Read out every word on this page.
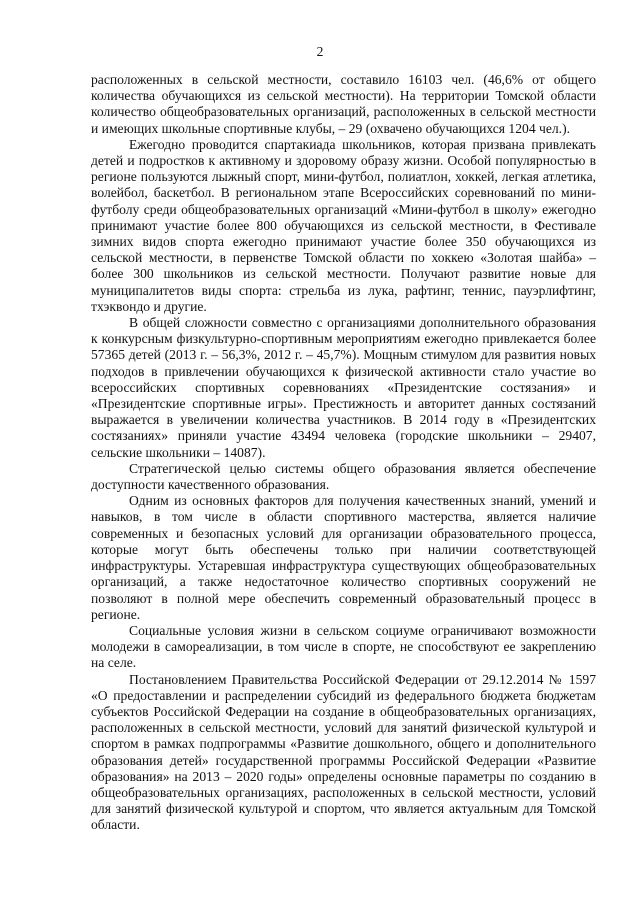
2

расположенных в сельской местности, составило 16103 чел. (46,6% от общего количества обучающихся из сельской местности). На территории Томской области количество общеобразовательных организаций, расположенных в сельской местности и имеющих школьные спортивные клубы, – 29 (охвачено обучающихся 1204 чел.).

Ежегодно проводится спартакиада школьников, которая призвана привлекать детей и подростков к активному и здоровому образу жизни. Особой популярностью в регионе пользуются лыжный спорт, мини-футбол, полиатлон, хоккей, легкая атлетика, волейбол, баскетбол. В региональном этапе Всероссийских соревнований по мини-футболу среди общеобразовательных организаций «Мини-футбол в школу» ежегодно принимают участие более 800 обучающихся из сельской местности, в Фестивале зимних видов спорта ежегодно принимают участие более 350 обучающихся из сельской местности, в первенстве Томской области по хоккею «Золотая шайба» – более 300 школьников из сельской местности. Получают развитие новые для муниципалитетов виды спорта: стрельба из лука, рафтинг, теннис, пауэрлифтинг, тхэквондо и другие.

В общей сложности совместно с организациями дополнительного образования к конкурсным физкультурно-спортивным мероприятиям ежегодно привлекается более 57365 детей (2013 г. – 56,3%, 2012 г. – 45,7%). Мощным стимулом для развития новых подходов в привлечении обучающихся к физической активности стало участие во всероссийских спортивных соревнованиях «Президентские состязания» и «Президентские спортивные игры». Престижность и авторитет данных состязаний выражается в увеличении количества участников. В 2014 году в «Президентских состязаниях» приняли участие 43494 человека (городские школьники – 29407, сельские школьники – 14087).

Стратегической целью системы общего образования является обеспечение доступности качественного образования.

Одним из основных факторов для получения качественных знаний, умений и навыков, в том числе в области спортивного мастерства, является наличие современных и безопасных условий для организации образовательного процесса, которые могут быть обеспечены только при наличии соответствующей инфраструктуры. Устаревшая инфраструктура существующих общеобразовательных организаций, а также недостаточное количество спортивных сооружений не позволяют в полной мере обеспечить современный образовательный процесс в регионе.

Социальные условия жизни в сельском социуме ограничивают возможности молодежи в самореализации, в том числе в спорте, не способствуют ее закреплению на селе.

Постановлением Правительства Российской Федерации от 29.12.2014 № 1597 «О предоставлении и распределении субсидий из федерального бюджета бюджетам субъектов Российской Федерации на создание в общеобразовательных организациях, расположенных в сельской местности, условий для занятий физической культурой и спортом в рамках подпрограммы «Развитие дошкольного, общего и дополнительного образования детей» государственной программы Российской Федерации «Развитие образования» на 2013 – 2020 годы» определены основные параметры по созданию в общеобразовательных организациях, расположенных в сельской местности, условий для занятий физической культурой и спортом, что является актуальным для Томской области.
